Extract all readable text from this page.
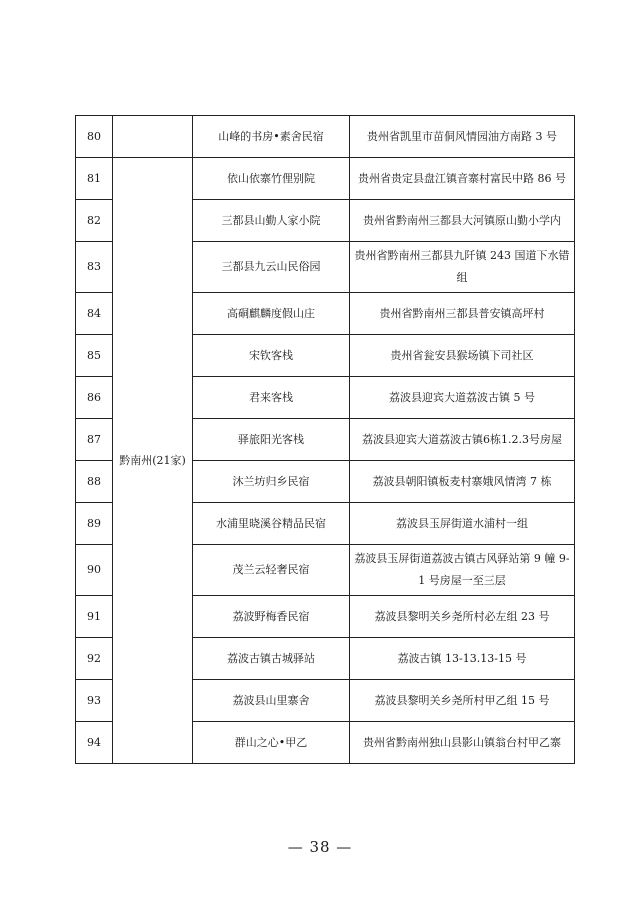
80		山峰的书房•素舍民宿	贵州省凯里市苗侗风情园油方南路 3 号
81	黔南州(21家)	依山依寨竹俚别院	贵州省贵定县盘江镇音寨村富民中路 86 号
82		三都县山勤人家小院	贵州省黔南州三都县大河镇原山勤小学内
83		三都县九云山民俗园	贵州省黔南州三都县九阡镇 243 国道下水错组
84		高硐麒麟度假山庄	贵州省黔南州三都县普安镇高坪村
85		宋钦客栈	贵州省瓮安县猴场镇下司社区
86		君来客栈	荔波县迎宾大道荔波古镇 5 号
87		驿旅阳光客栈	荔波县迎宾大道荔波古镇6栋1.2.3号房屋
88		沐兰坊归乡民宿	荔波县朝阳镇板麦村寨娥风情湾 7 栋
89		水浦里晓溪谷精品民宿	荔波县玉屏街道水浦村一组
90		茂兰云轻奢民宿	荔波县玉屏街道荔波古镇古风驿站第 9 幢 9-1 号房屋一至三层
91		荔波野梅香民宿	荔波县黎明关乡尧所村必左组 23 号
92		荔波古镇古城驿站	荔波古镇 13-13.13-15 号
93		荔波县山里寨舍	荔波县黎明关乡尧所村甲乙组 15 号
94		群山之心•甲乙	贵州省黔南州独山县影山镇翁台村甲乙寨
— 38 —
